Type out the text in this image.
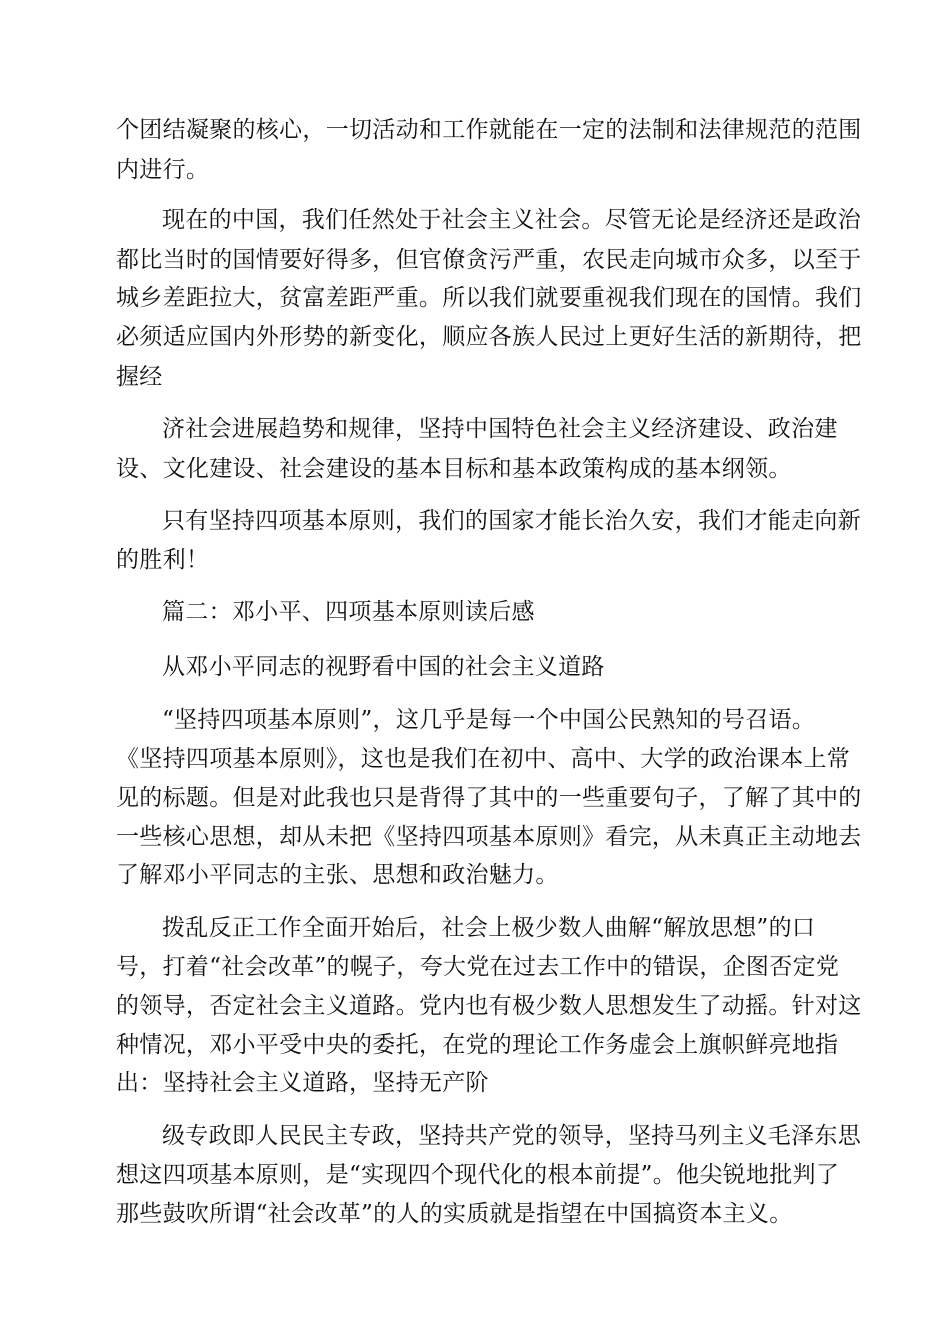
个团结凝聚的核心，一切活动和工作就能在一定的法制和法律规范的范围
内进行。
现在的中国，我们任然处于社会主义社会。尽管无论是经济还是政治
都比当时的国情要好得多，但官僚贪污严重，农民走向城市众多，以至于
城乡差距拉大，贫富差距严重。所以我们就要重视我们现在的国情。我们
必须适应国内外形势的新变化，顺应各族人民过上更好生活的新期待，把
握经
济社会进展趋势和规律，坚持中国特色社会主义经济建设、政治建
设、文化建设、社会建设的基本目标和基本政策构成的基本纲领。
只有坚持四项基本原则，我们的国家才能长治久安，我们才能走向新
的胜利！
篇二：邓小平、四项基本原则读后感
从邓小平同志的视野看中国的社会主义道路
“坚持四项基本原则”，这几乎是每一个中国公民熟知的号召语。
《坚持四项基本原则》，这也是我们在初中、高中、大学的政治课本上常
见的标题。但是对此我也只是背得了其中的一些重要句子，了解了其中的
一些核心思想，却从未把《坚持四项基本原则》看完，从未真正主动地去
了解邓小平同志的主张、思想和政治魅力。
拨乱反正工作全面开始后，社会上极少数人曲解“解放思想”的口
号，打着“社会改革”的幌子，夸大党在过去工作中的错误，企图否定党
的领导，否定社会主义道路。党内也有极少数人思想发生了动摇。针对这
种情况，邓小平受中央的委托，在党的理论工作务虚会上旗帜鲜亮地指
出：坚持社会主义道路，坚持无产阶
级专政即人民民主专政，坚持共产党的领导，坚持马列主义毛泽东思
想这四项基本原则，是“实现四个现代化的根本前提”。他尖锐地批判了
那些鼓吹所谓“社会改革”的人的实质就是指望在中国搞资本主义。
